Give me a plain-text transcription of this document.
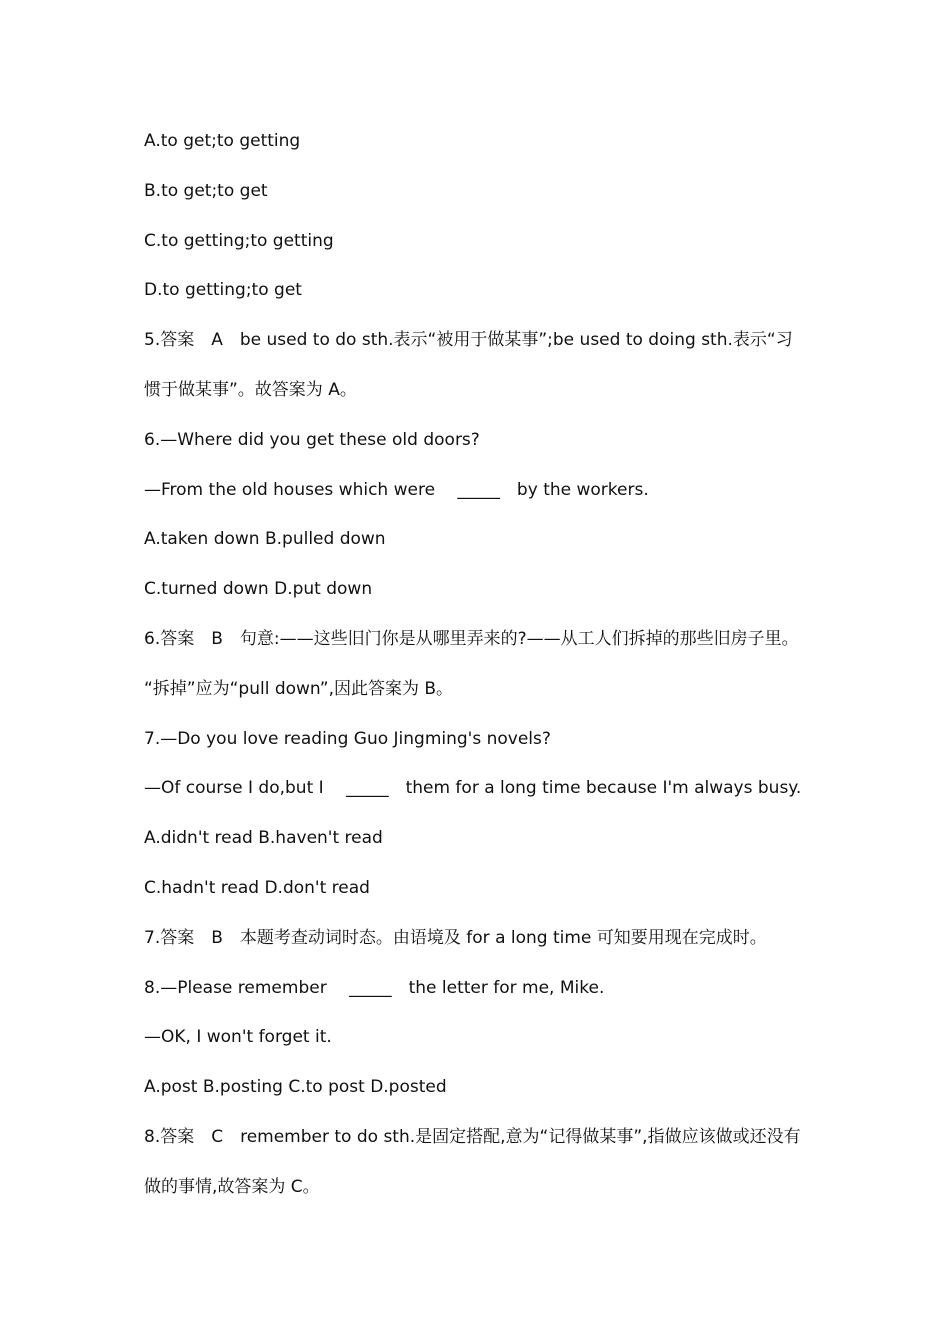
A.to get;to getting
B.to get;to get
C.to getting;to getting
D.to getting;to get
5.答案　A　be used to do sth.表示“被用于做某事”;be used to doing sth.表示“习
惯于做某事”。故答案为 A。
6.—Where did you get these old doors?
—From the old houses which were 　_____　by the workers.
A.taken down B.pulled down
C.turned down D.put down
6.答案　B　句意:——这些旧门你是从哪里弄来的?——从工人们拆掉的那些旧房子里。
“拆掉”应为“pull down”,因此答案为 B。
7.—Do you love reading Guo Jingming's novels?
—Of course I do,but I 　_____　them for a long time because I'm always busy.
A.didn't read B.haven't read
C.hadn't read D.don't read
7.答案　B　本题考查动词时态。由语境及 for a long time 可知要用现在完成时。
8.—Please remember 　_____　the letter for me, Mike.
—OK, I won't forget it.
A.post B.posting C.to post D.posted
8.答案　C　remember to do sth.是固定搭配,意为“记得做某事”,指做应该做或还没有
做的事情,故答案为 C。
